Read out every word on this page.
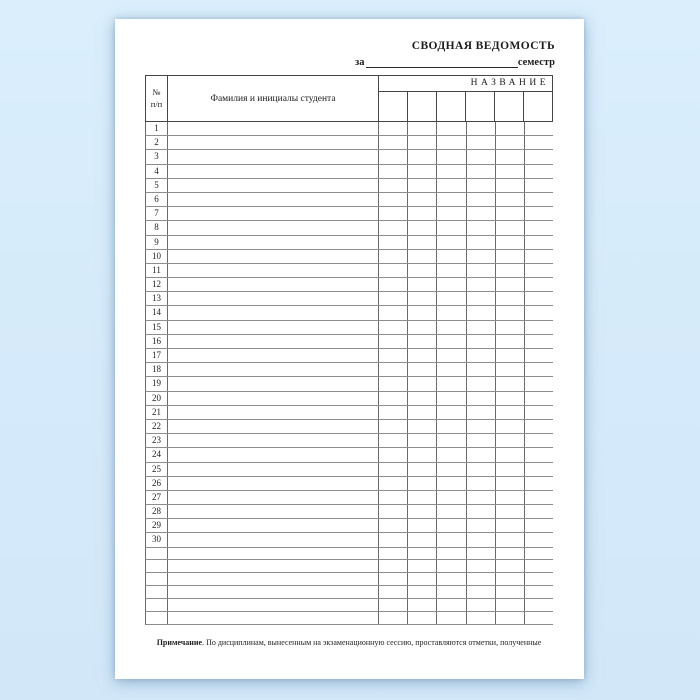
СВОДНАЯ ВЕДОМОСТЬ
за	семестр
№
п/п	Фамилия и инициалы студента
НАЗВАНИЕ
1
2
3
4
5
6
7
8
9
10
11
12
13
14
15
16
17
18
19
20
21
22
23
24
25
26
27
28
29
30
Примечание. По дисциплинам, вынесенным на экзаменационную сессию, проставляются отметки, полученные
